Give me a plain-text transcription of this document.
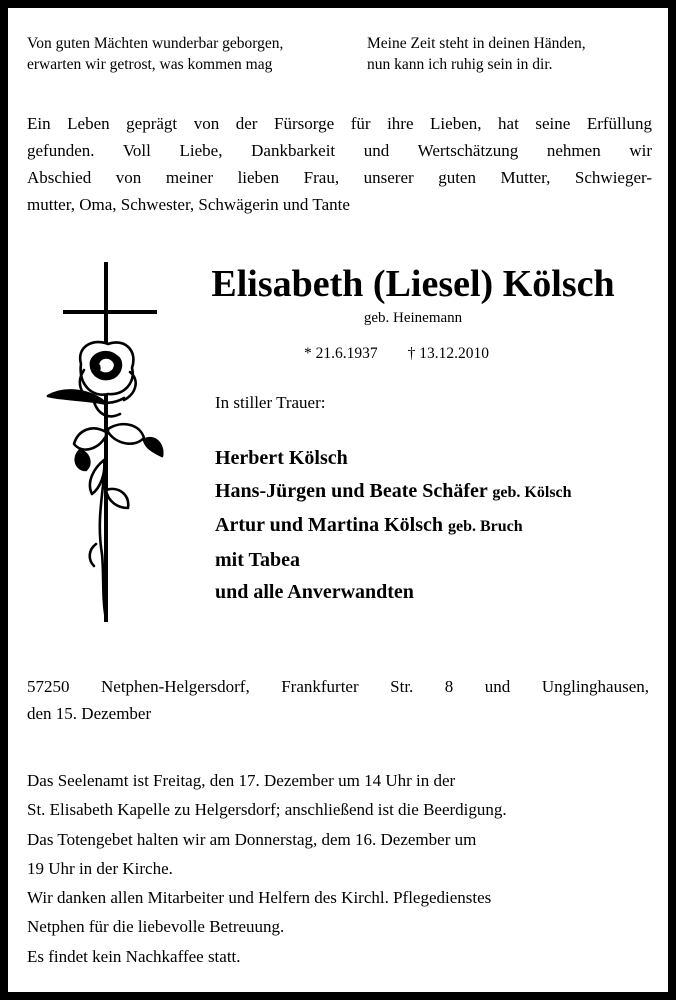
Von guten Mächten wunderbar geborgen,
erwarten wir getrost, was kommen mag
Meine Zeit steht in deinen Händen,
nun kann ich ruhig sein in dir.
Ein Leben geprägt von der Fürsorge für ihre Lieben, hat seine Erfüllung
gefunden. Voll Liebe, Dankbarkeit und Wertschätzung nehmen wir
Abschied von meiner lieben Frau, unserer guten Mutter, Schwieger-
mutter, Oma, Schwester, Schwägerin und Tante
Elisabeth (Liesel) Kölsch
geb. Heinemann
* 21.6.1937 † 13.12.2010
In stiller Trauer:
Herbert Kölsch
Hans-Jürgen und Beate Schäfer geb. Kölsch
Artur und Martina Kölsch geb. Bruch
mit Tabea
und alle Anverwandten
57250 Netphen-Helgersdorf, Frankfurter Str. 8 und Unglinghausen,
den 15. Dezember
Das Seelenamt ist Freitag, den 17. Dezember um 14 Uhr in der
St. Elisabeth Kapelle zu Helgersdorf; anschließend ist die Beerdigung.
Das Totengebet halten wir am Donnerstag, dem 16. Dezember um
19 Uhr in der Kirche.
Wir danken allen Mitarbeiter und Helfern des Kirchl. Pflegedienstes
Netphen für die liebevolle Betreuung.
Es findet kein Nachkaffee statt.
